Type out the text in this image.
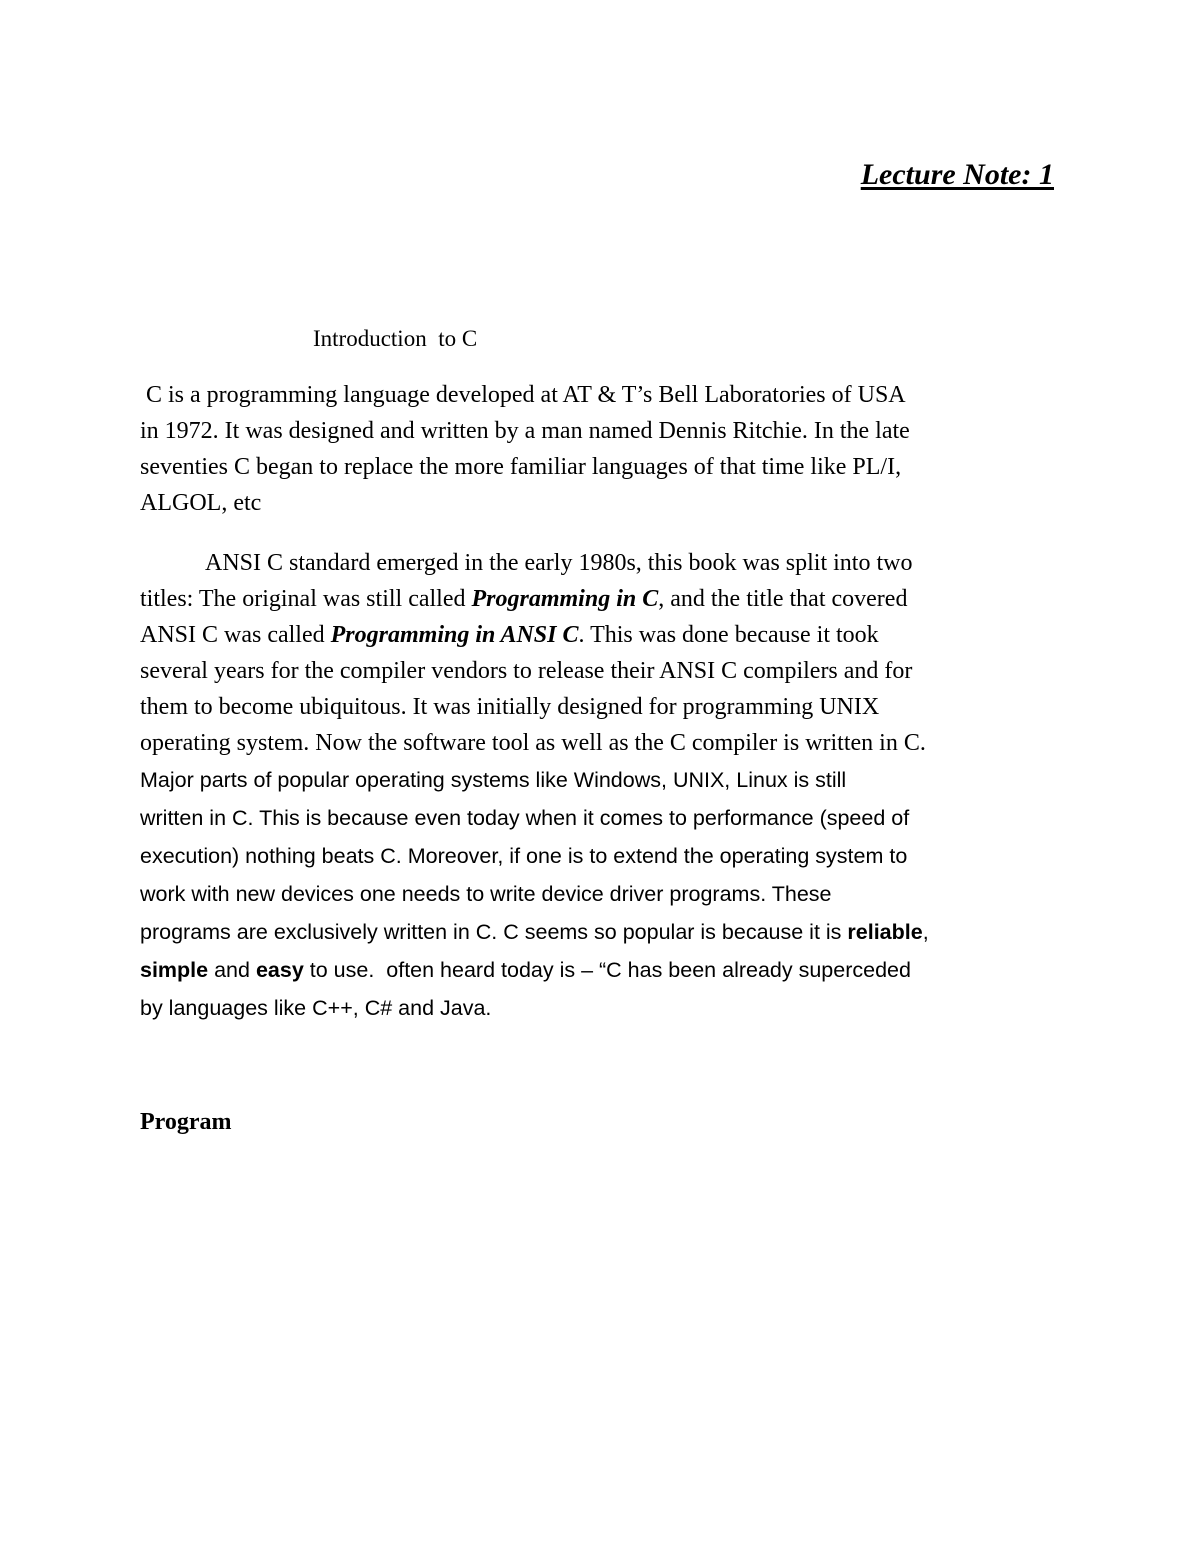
Lecture Note: 1
Introduction  to C
C is a programming language developed at AT & T’s Bell Laboratories of USA
in 1972. It was designed and written by a man named Dennis Ritchie. In the late
seventies C began to replace the more familiar languages of that time like PL/I,
ALGOL, etc
ANSI C standard emerged in the early 1980s, this book was split into two
titles: The original was still called Programming in C, and the title that covered
ANSI C was called Programming in ANSI C. This was done because it took
several years for the compiler vendors to release their ANSI C compilers and for
them to become ubiquitous. It was initially designed for programming UNIX
operating system. Now the software tool as well as the C compiler is written in C.
Major parts of popular operating systems like Windows, UNIX, Linux is still
written in C. This is because even today when it comes to performance (speed of
execution) nothing beats C. Moreover, if one is to extend the operating system to
work with new devices one needs to write device driver programs. These
programs are exclusively written in C. C seems so popular is because it is reliable,
simple and easy to use.  often heard today is – “C has been already superceded
by languages like C++, C# and Java.
Program
